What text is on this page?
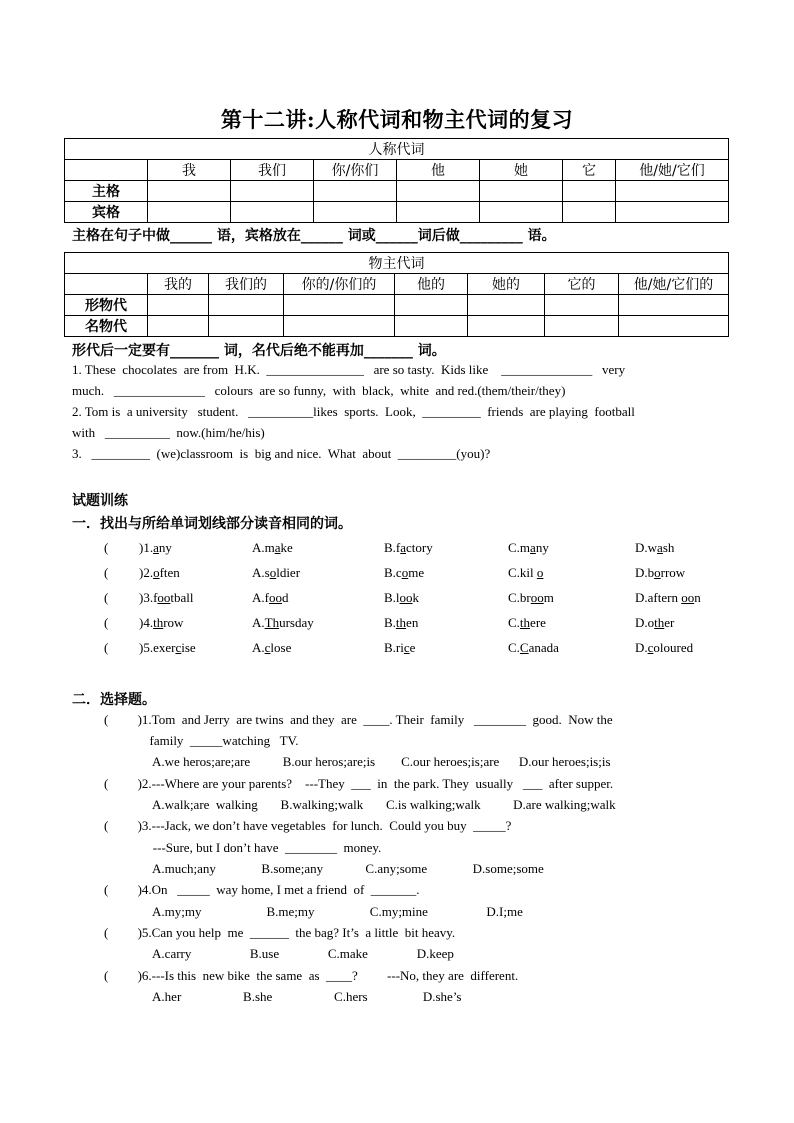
第十二讲:人称代词和物主代词的复习
人称代词							
	我	我们	你/你们	他	她	它	他/她/它们
主格							
宾格							
主格在句子中做______ 语，宾格放在______ 词或______词后做_________ 语。
物主代词							
	我的	我们的	你的/你们的	他的	她的	它的	他/她/它们的
形物代							
名物代							
形代后一定要有_______ 词，名代后绝不能再加_______ 词。
1. These  chocolates  are from  H.K.  _______________   are so tasty.  Kids like    ______________   very
much.   ______________   colours  are so funny,  with  black,  white  and red.(them/their/they)
2. Tom is  a university   student.   __________likes  sports.  Look,  _________  friends  are playing  football
with   __________  now.(him/he/his)
3.   _________  (we)classroom  is  big and nice.  What  about  _________(you)?
试题训练
一．找出与所给单词划线部分读音相同的词。
( )1.any	A.make	B.factory	C.many	D.wash
( )2.often	A.soldier	B.come	C.kil o	D.borrow
( )3.football	A.food	B.look	C.broom	D.aftern oon
( )4.throw	A.Thursday	B.then	C.there	D.other
( )5.exercise	A.close	B.rice	C.Canada	D.coloured
二．选择题。
(         )1.Tom  and Jerry  are twins  and they  are  ____. Their  family   ________  good.  Now the
family  _____watching   TV.
A.we heros;are;are          B.our heros;are;is        C.our heroes;is;are      D.our heroes;is;is
(         )2.---Where are your parents?    ---They  ___  in  the park. They  usually   ___  after supper.
A.walk;are  walking       B.walking;walk       C.is walking;walk          D.are walking;walk
(         )3.---Jack, we don’t have vegetables  for lunch.  Could you buy  _____?
---Sure, but I don’t have  ________  money.
A.much;any              B.some;any             C.any;some              D.some;some
(         )4.On   _____  way home, I met a friend  of  _______.
A.my;my                    B.me;my                 C.my;mine                  D.I;me
(         )5.Can you help  me  ______  the bag? It’s  a little  bit heavy.
A.carry                  B.use               C.make               D.keep
(         )6.---Is this  new bike  the same  as  ____?         ---No, they are  different.
A.her                   B.she                   C.hers                 D.she’s
